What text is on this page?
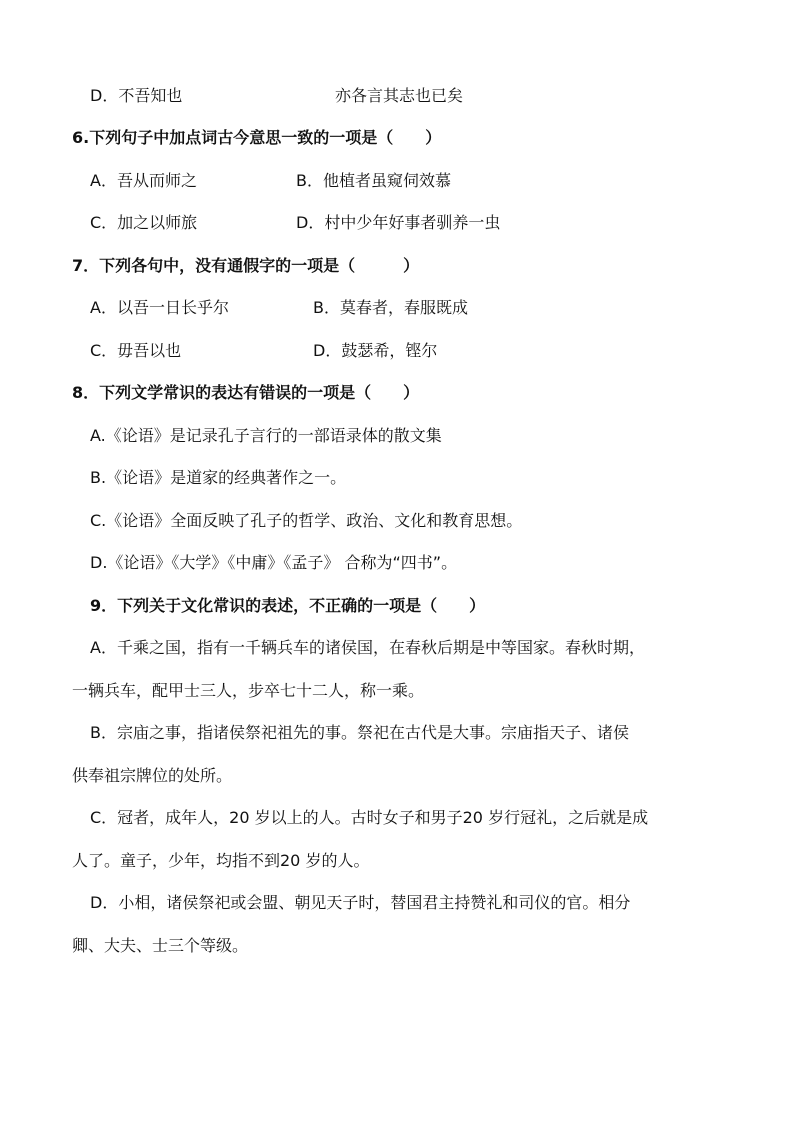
D．不吾知也	亦各言其志也已矣
6.下列句子中加点词古今意思一致的一项是（　　）
A．吾从而师之	B．他植者虽窥伺效慕
C．加之以师旅	D．村中少年好事者驯养一虫
7．下列各句中，没有通假字的一项是（　　　）
A．以吾一日长乎尔	B．莫春者，春服既成
C．毋吾以也	D．鼓瑟希，铿尔
8．下列文学常识的表达有错误的一项是（　　）
A.《论语》是记录孔子言行的一部语录体的散文集
B.《论语》是道家的经典著作之一。
C.《论语》全面反映了孔子的哲学、政治、文化和教育思想。
D.《论语》《大学》《中庸》《孟子》 合称为“四书”。
9．下列关于文化常识的表述，不正确的一项是（　　）
A．千乘之国，指有一千辆兵车的诸侯国，在春秋后期是中等国家。春秋时期，
一辆兵车，配甲士三人，步卒七十二人，称一乘。
B．宗庙之事，指诸侯祭祀祖先的事。祭祀在古代是大事。宗庙指天子、诸侯
供奉祖宗牌位的处所。
C．冠者，成年人，20 岁以上的人。古时女子和男子20 岁行冠礼，之后就是成
人了。童子，少年，均指不到20 岁的人。
D．小相，诸侯祭祀或会盟、朝见天子时，替国君主持赞礼和司仪的官。相分
卿、大夫、士三个等级。
